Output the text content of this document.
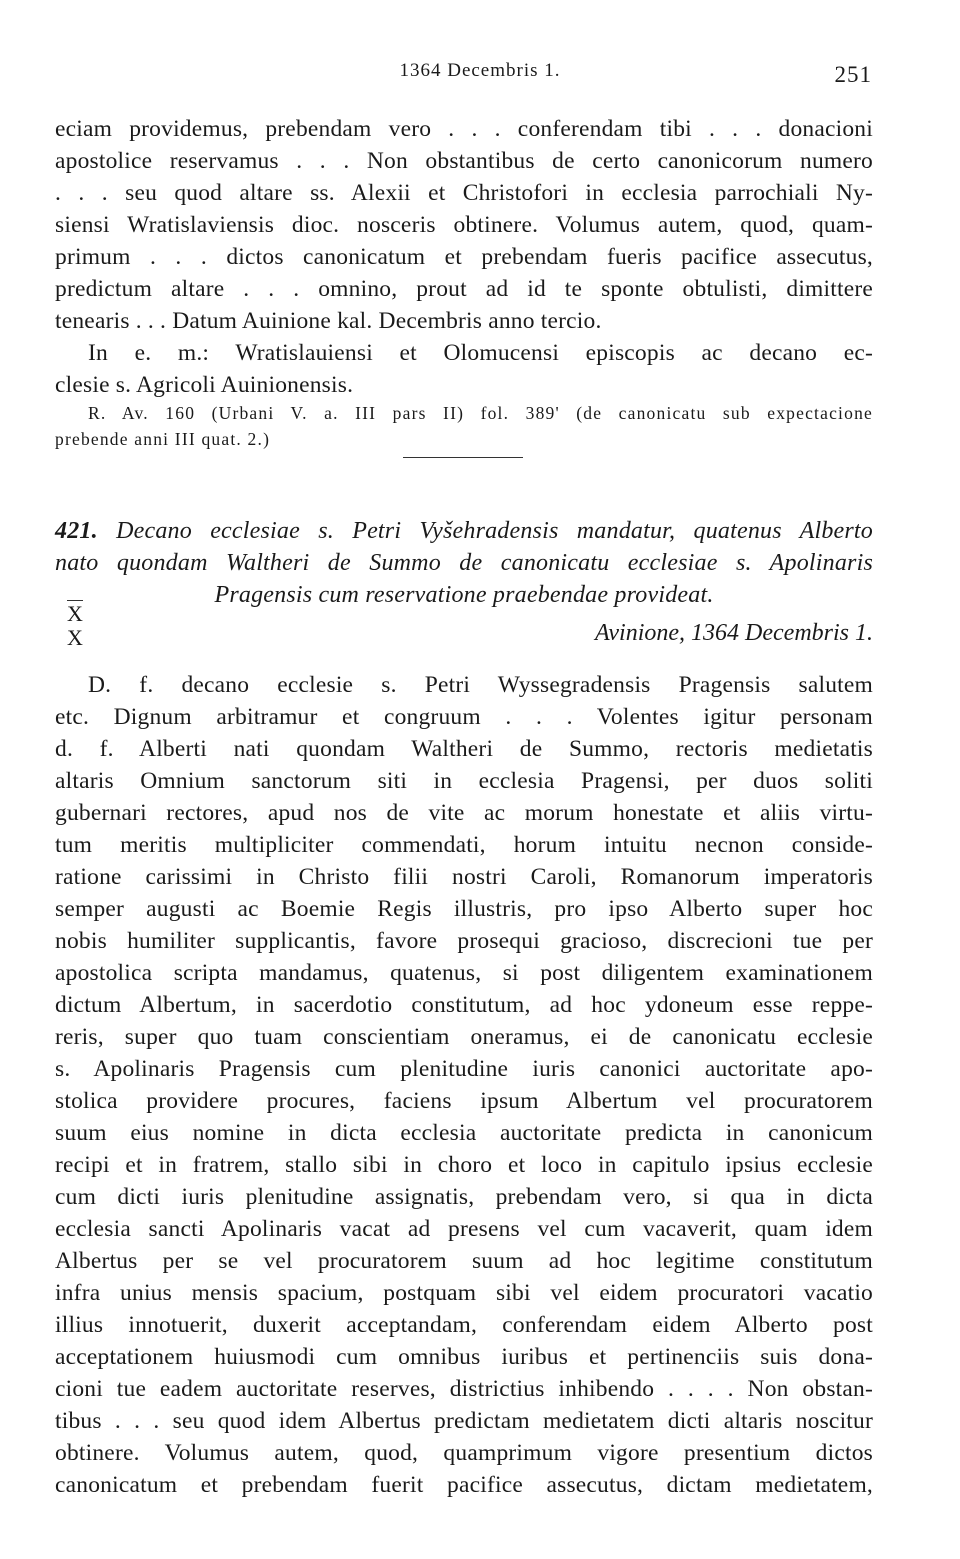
1364 Decembris 1.	251
eciam providemus, prebendam vero . . . conferendam tibi . . . donacioni
apostolice reservamus . . . Non obstantibus de certo canonicorum numero
. . . seu quod altare ss. Alexii et Christofori in ecclesia parrochiali Ny-
siensi Wratislaviensis dioc. nosceris obtinere. Volumus autem, quod, quam-
primum . . . dictos canonicatum et prebendam fueris pacifice assecutus,
predictum altare . . . omnino, prout ad id te sponte obtulisti, dimittere
tenearis . . . Datum Auinione kal. Decembris anno tercio.
In e. m.: Wratislauiensi et Olomucensi episcopis ac decano ec-
clesie s. Agricoli Auinionensis.
R. Av. 160 (Urbani V. a. III pars II) fol. 389' (de canonicatu sub expectacione
prebende anni III quat. 2.)
421. Decano ecclesiae s. Petri Vyšehradensis mandatur, quatenus Alberto
nato quondam Waltheri de Summo de canonicatu ecclesiae s. Apolinaris
Pragensis cum reservatione praebendae provideat.
X
X	Avinione, 1364 Decembris 1.
D. f. decano ecclesie s. Petri Wyssegradensis Pragensis salutem
etc. Dignum arbitramur et congruum . . . Volentes igitur personam
d. f. Alberti nati quondam Waltheri de Summo, rectoris medietatis
altaris Omnium sanctorum siti in ecclesia Pragensi, per duos soliti
gubernari rectores, apud nos de vite ac morum honestate et aliis virtu-
tum meritis multipliciter commendati, horum intuitu necnon conside-
ratione carissimi in Christo filii nostri Caroli, Romanorum imperatoris
semper augusti ac Boemie Regis illustris, pro ipso Alberto super hoc
nobis humiliter supplicantis, favore prosequi gracioso, discrecioni tue per
apostolica scripta mandamus, quatenus, si post diligentem examinationem
dictum Albertum, in sacerdotio constitutum, ad hoc ydoneum esse reppe-
reris, super quo tuam conscientiam oneramus, ei de canonicatu ecclesie
s. Apolinaris Pragensis cum plenitudine iuris canonici auctoritate apo-
stolica providere procures, faciens ipsum Albertum vel procuratorem
suum eius nomine in dicta ecclesia auctoritate predicta in canonicum
recipi et in fratrem, stallo sibi in choro et loco in capitulo ipsius ecclesie
cum dicti iuris plenitudine assignatis, prebendam vero, si qua in dicta
ecclesia sancti Apolinaris vacat ad presens vel cum vacaverit, quam idem
Albertus per se vel procuratorem suum ad hoc legitime constitutum
infra unius mensis spacium, postquam sibi vel eidem procuratori vacatio
illius innotuerit, duxerit acceptandam, conferendam eidem Alberto post
acceptationem huiusmodi cum omnibus iuribus et pertinenciis suis dona-
cioni tue eadem auctoritate reserves, districtius inhibendo . . . . Non obstan-
tibus . . . seu quod idem Albertus predictam medietatem dicti altaris noscitur
obtinere. Volumus autem, quod, quamprimum vigore presentium dictos
canonicatum et prebendam fuerit pacifice assecutus, dictam medietatem,
